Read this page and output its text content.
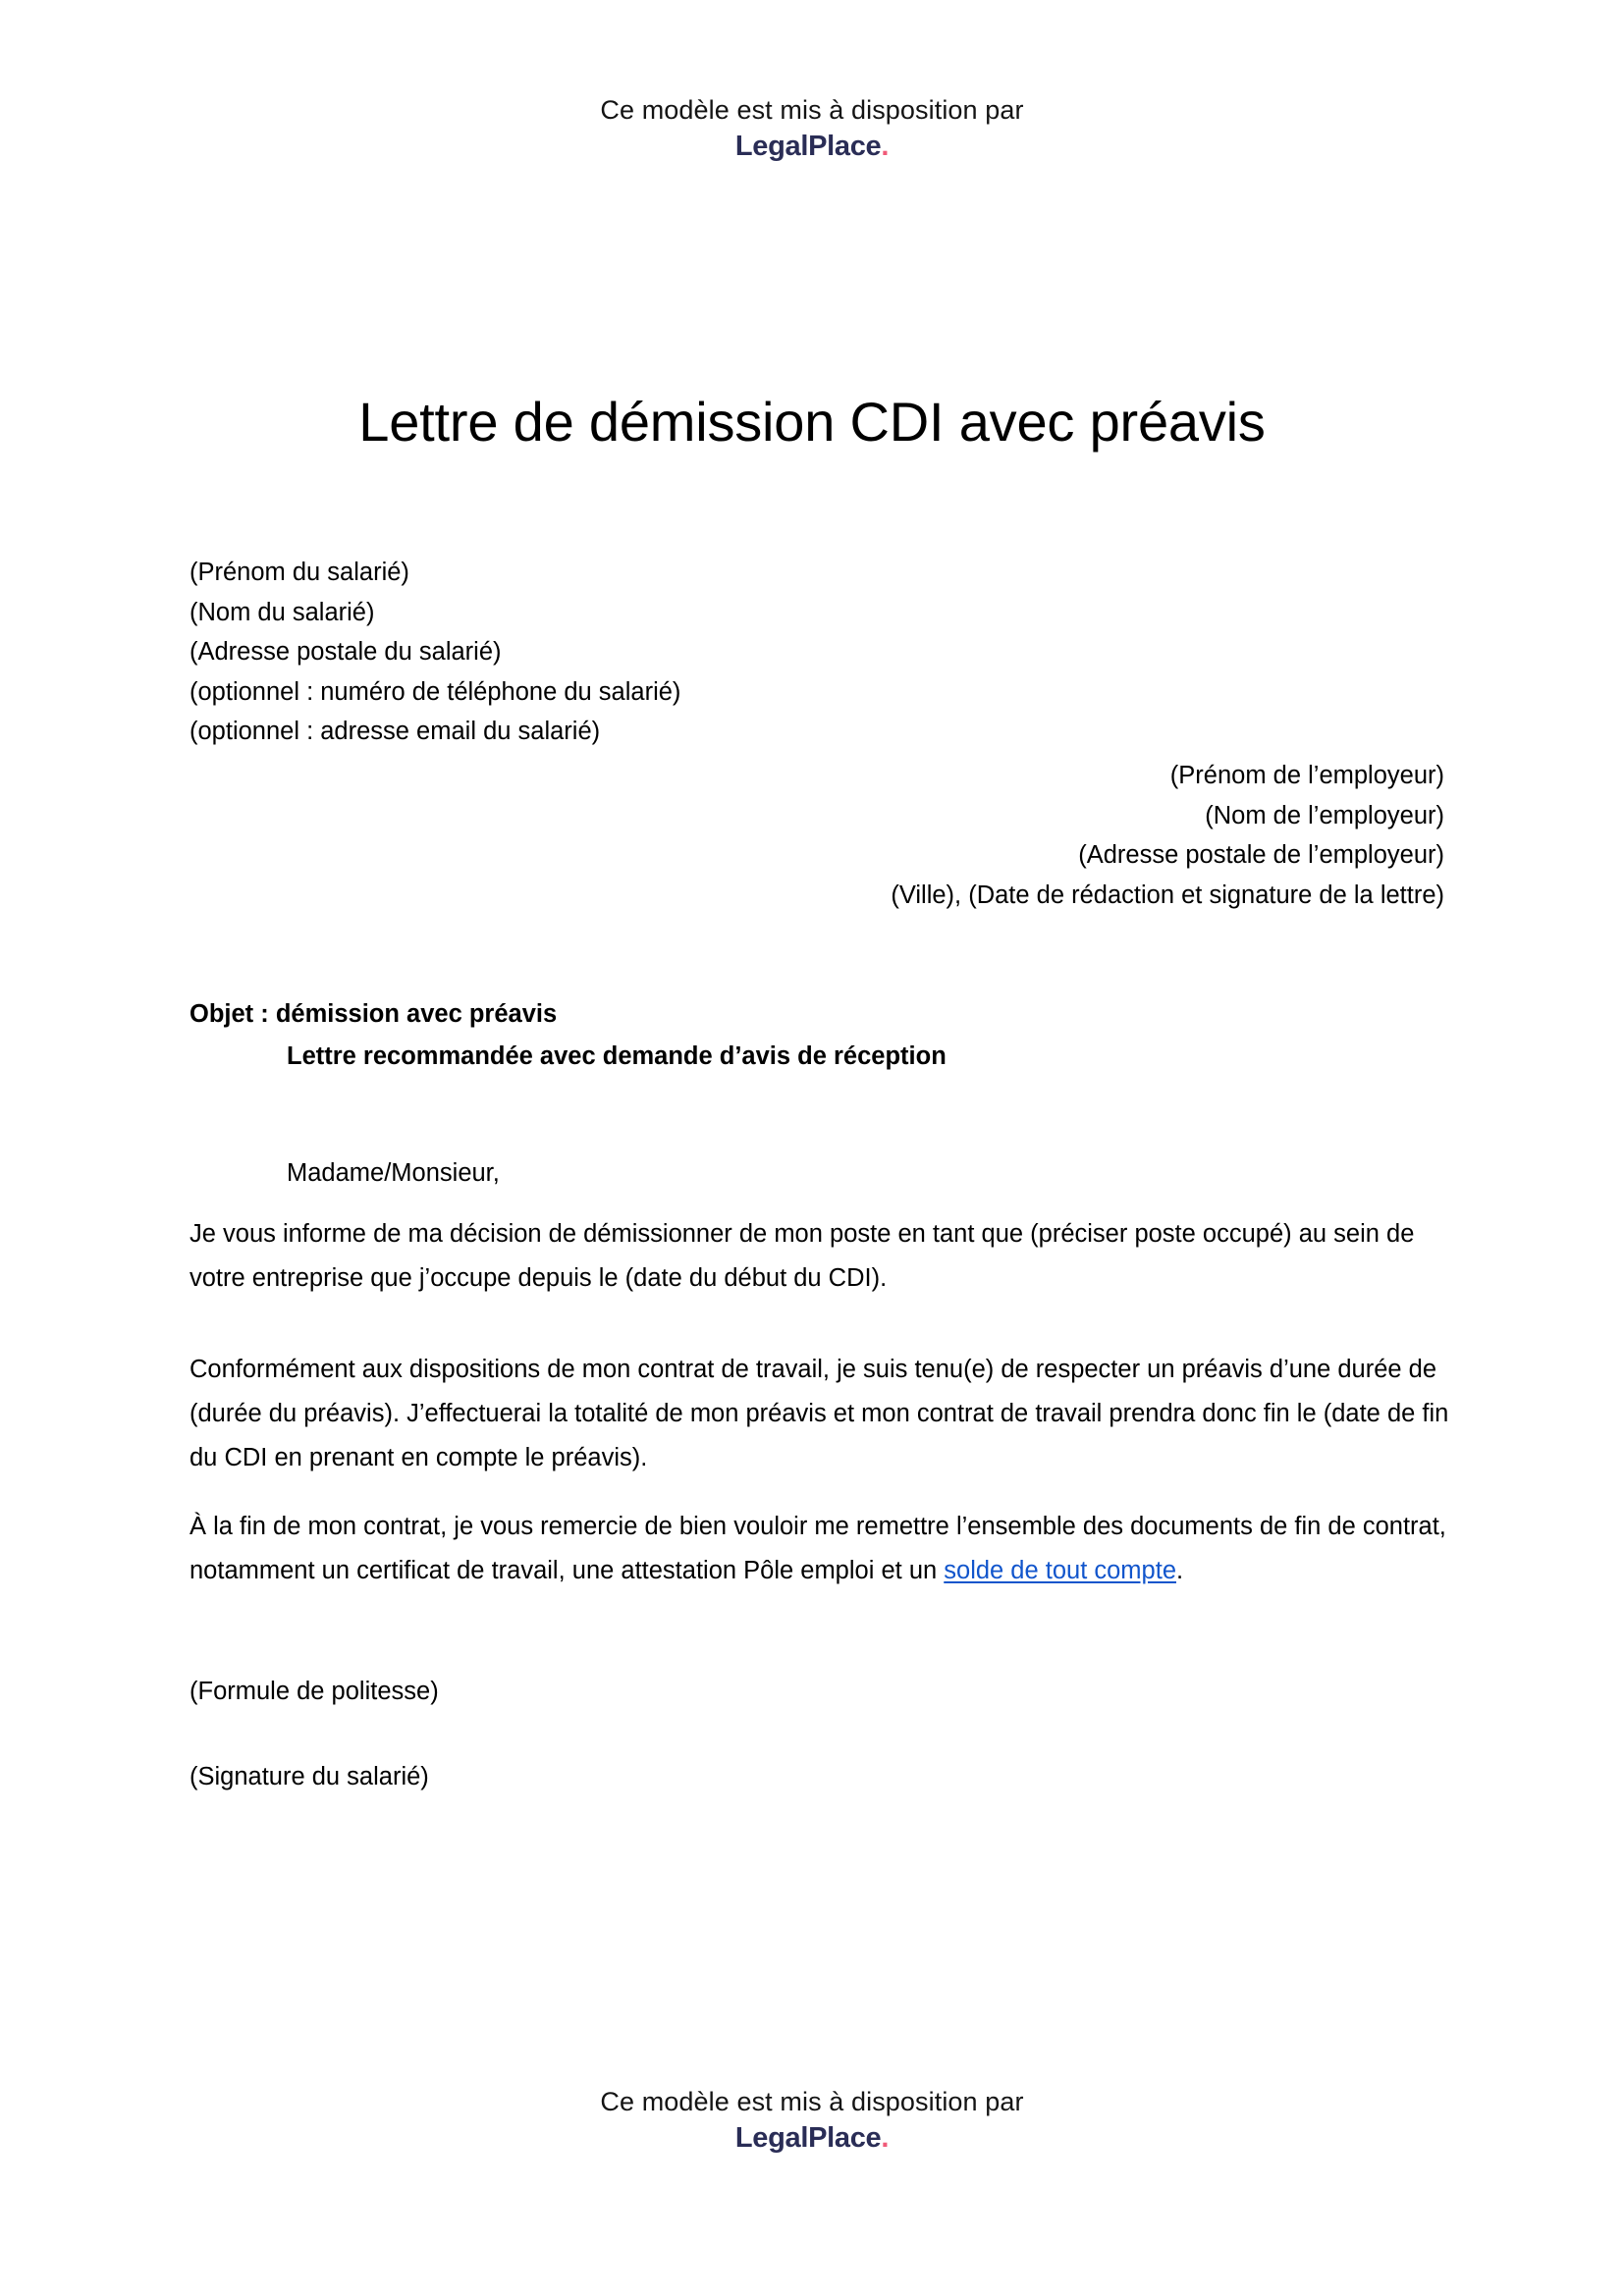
Ce modèle est mis à disposition par
LegalPlace.
Lettre de démission CDI avec préavis
(Prénom du salarié)
(Nom du salarié)
(Adresse postale du salarié)
(optionnel : numéro de téléphone du salarié)
(optionnel : adresse email du salarié)
(Prénom de l’employeur)
(Nom de l’employeur)
(Adresse postale de l’employeur)
(Ville), (Date de rédaction et signature de la lettre)
Objet : démission avec préavis
Lettre recommandée avec demande d’avis de réception
Madame/Monsieur,
Je vous informe de ma décision de démissionner de mon poste en tant que (préciser poste occupé) au sein de votre entreprise que j’occupe depuis le (date du début du CDI).
Conformément aux dispositions de mon contrat de travail, je suis tenu(e) de respecter un préavis d’une durée de (durée du préavis). J’effectuerai la totalité de mon préavis et mon contrat de travail prendra donc fin le (date de fin du CDI en prenant en compte le préavis).
À la fin de mon contrat, je vous remercie de bien vouloir me remettre l’ensemble des documents de fin de contrat, notamment un certificat de travail, une attestation Pôle emploi et un solde de tout compte.
(Formule de politesse)
(Signature du salarié)
Ce modèle est mis à disposition par
LegalPlace.
